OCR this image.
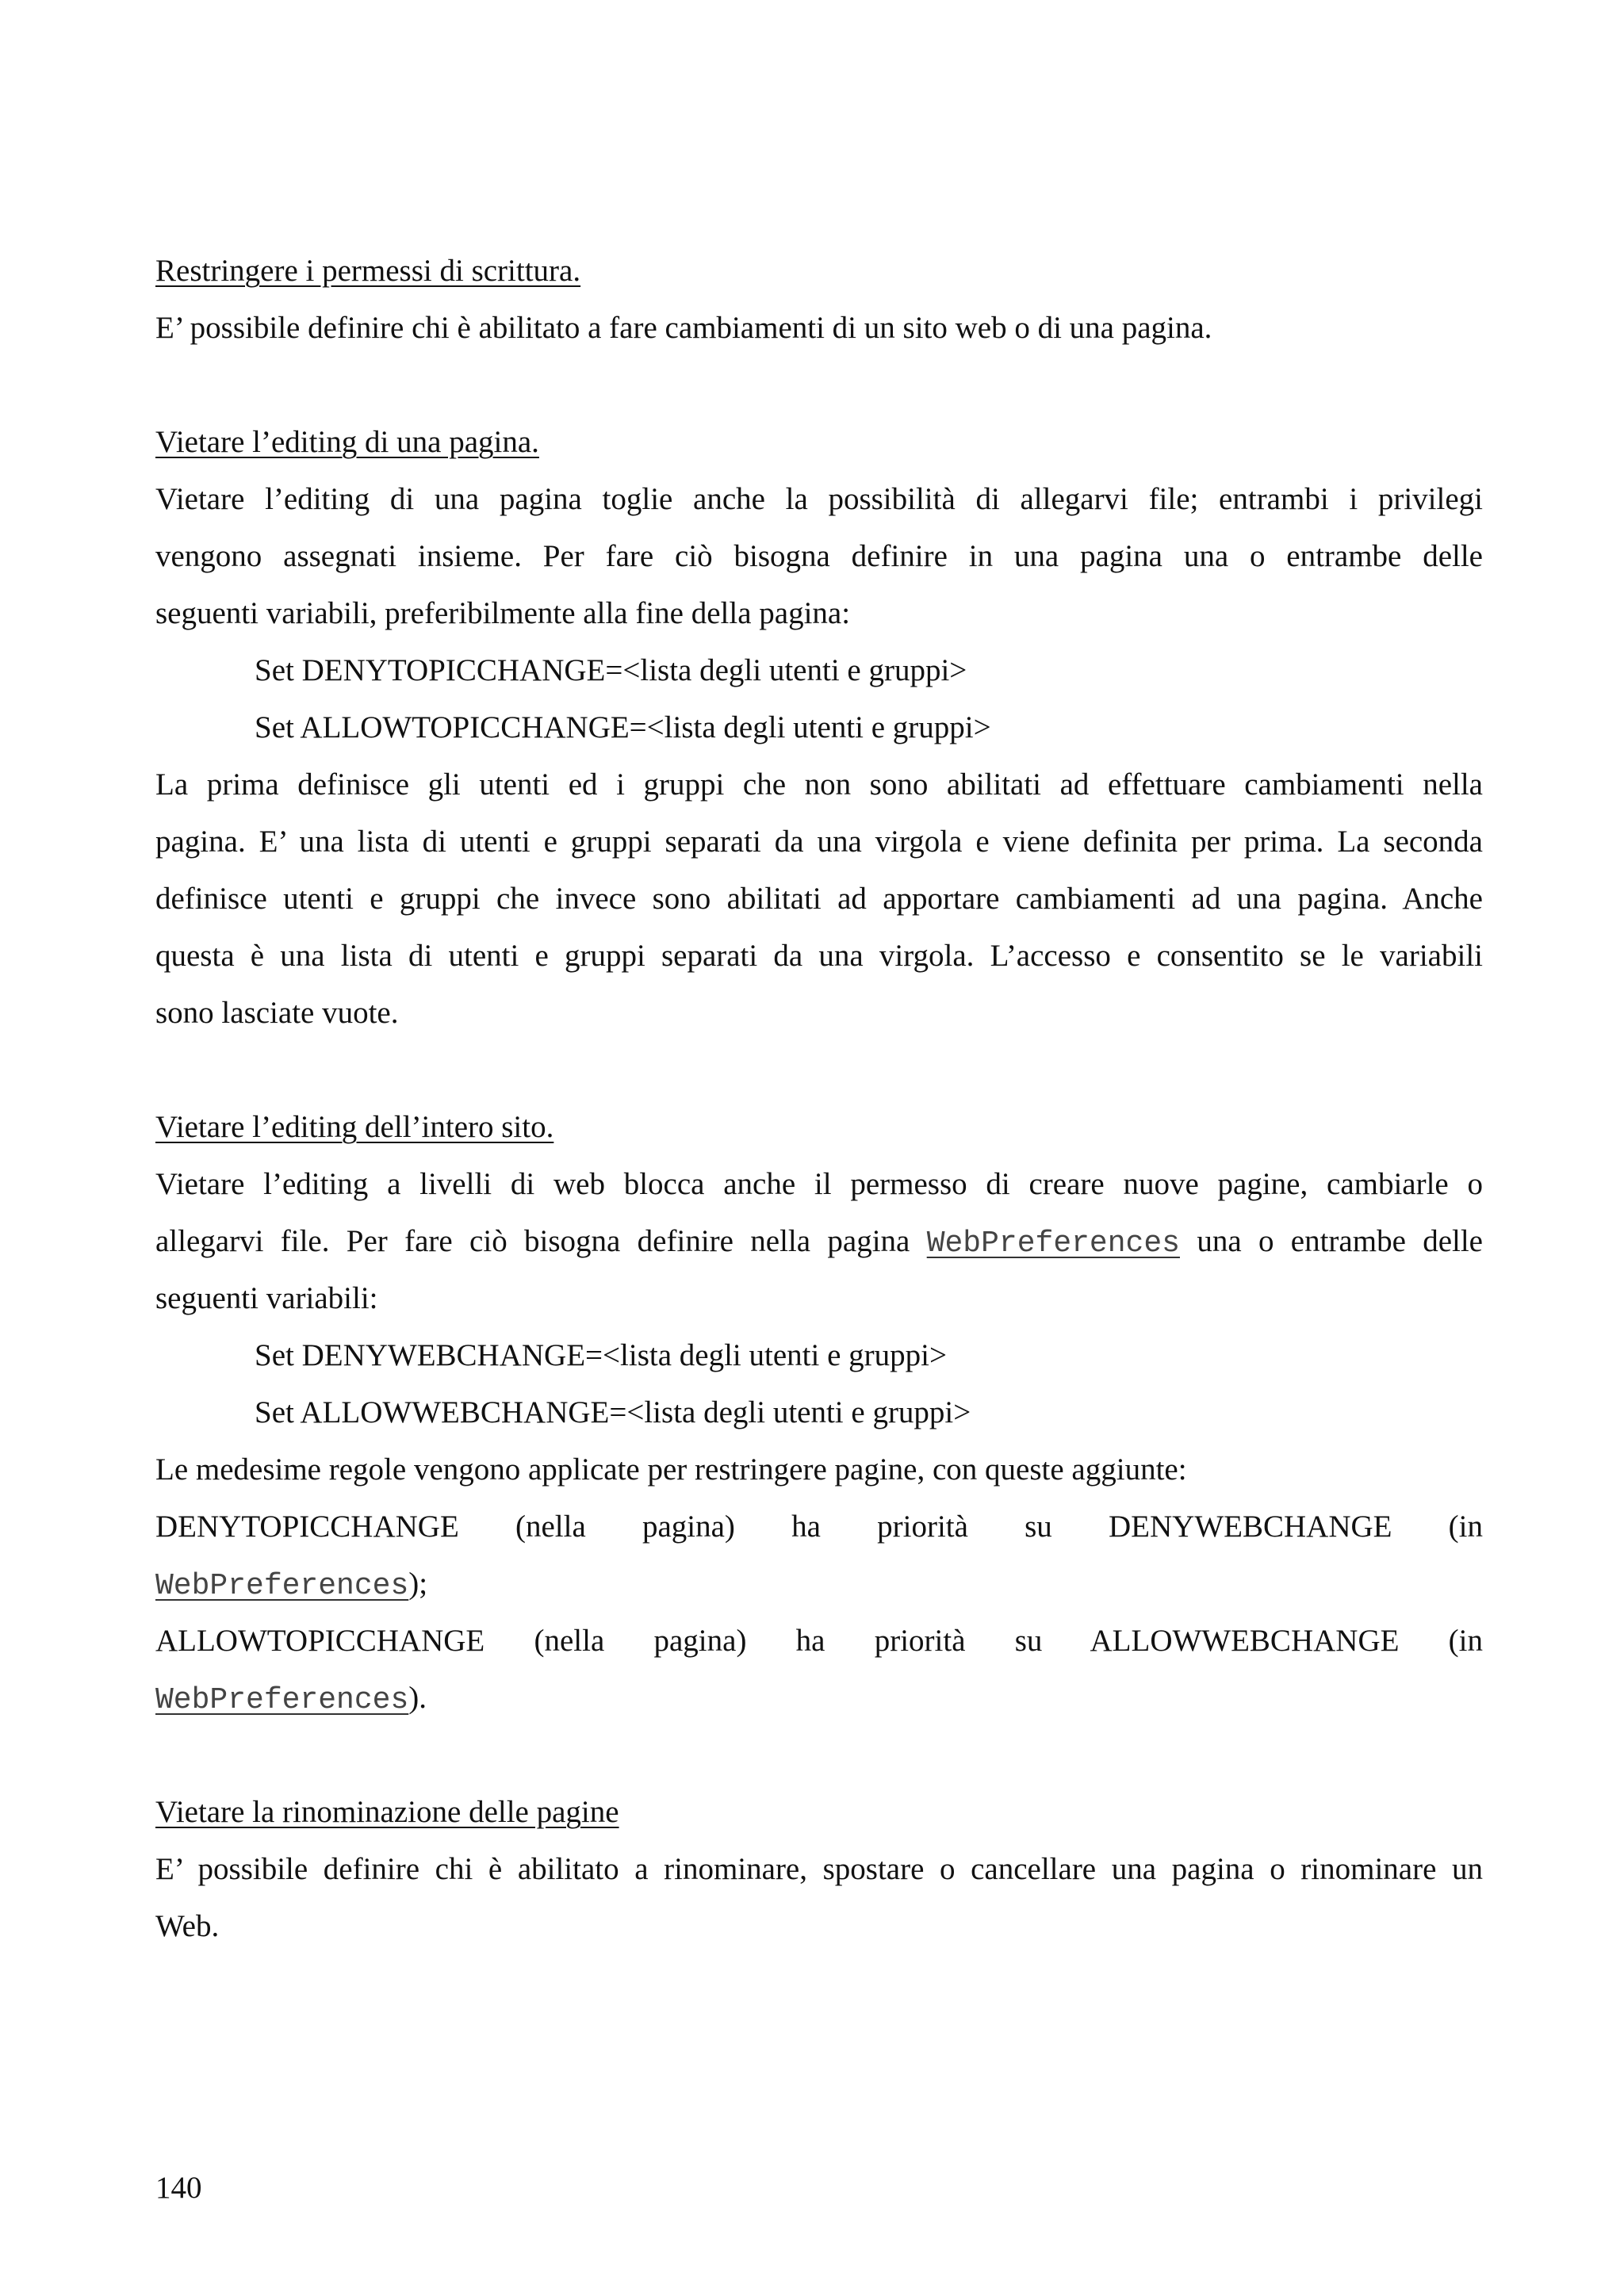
Restringere i permessi di scrittura.
E’ possibile definire chi è abilitato a fare cambiamenti di un sito web o di una pagina.
Vietare l’editing di una pagina.
Vietare l’editing di una pagina toglie anche la possibilità di allegarvi file; entrambi i privilegi
vengono assegnati insieme. Per fare ciò bisogna definire in una pagina una o entrambe delle
seguenti variabili, preferibilmente alla fine della pagina:
Set DENYTOPICCHANGE=<lista degli utenti e gruppi>
Set ALLOWTOPICCHANGE=<lista degli utenti e gruppi>
La prima definisce gli utenti ed i gruppi che non sono abilitati ad effettuare cambiamenti nella
pagina. E’ una lista di utenti e gruppi separati da una virgola e viene definita per prima. La seconda
definisce utenti e gruppi che invece sono abilitati ad apportare cambiamenti ad una pagina. Anche
questa è una lista di utenti e gruppi separati da una virgola. L’accesso e consentito se le variabili
sono lasciate vuote.
Vietare l’editing dell’intero sito.
Vietare l’editing a livelli di web blocca anche il permesso di creare nuove pagine, cambiarle o
allegarvi file. Per fare ciò bisogna definire nella pagina WebPreferences una o entrambe delle
seguenti variabili:
Set DENYWEBCHANGE=<lista degli utenti e gruppi>
Set ALLOWWEBCHANGE=<lista degli utenti e gruppi>
Le medesime regole vengono applicate per restringere pagine, con queste aggiunte:
DENYTOPICCHANGE (nella pagina) ha priorità su DENYWEBCHANGE (in
WebPreferences);
ALLOWTOPICCHANGE (nella pagina) ha priorità su ALLOWWEBCHANGE (in
WebPreferences).
Vietare la rinominazione delle pagine
E’ possibile definire chi è abilitato a rinominare, spostare o cancellare una pagina o rinominare un
Web.
140
